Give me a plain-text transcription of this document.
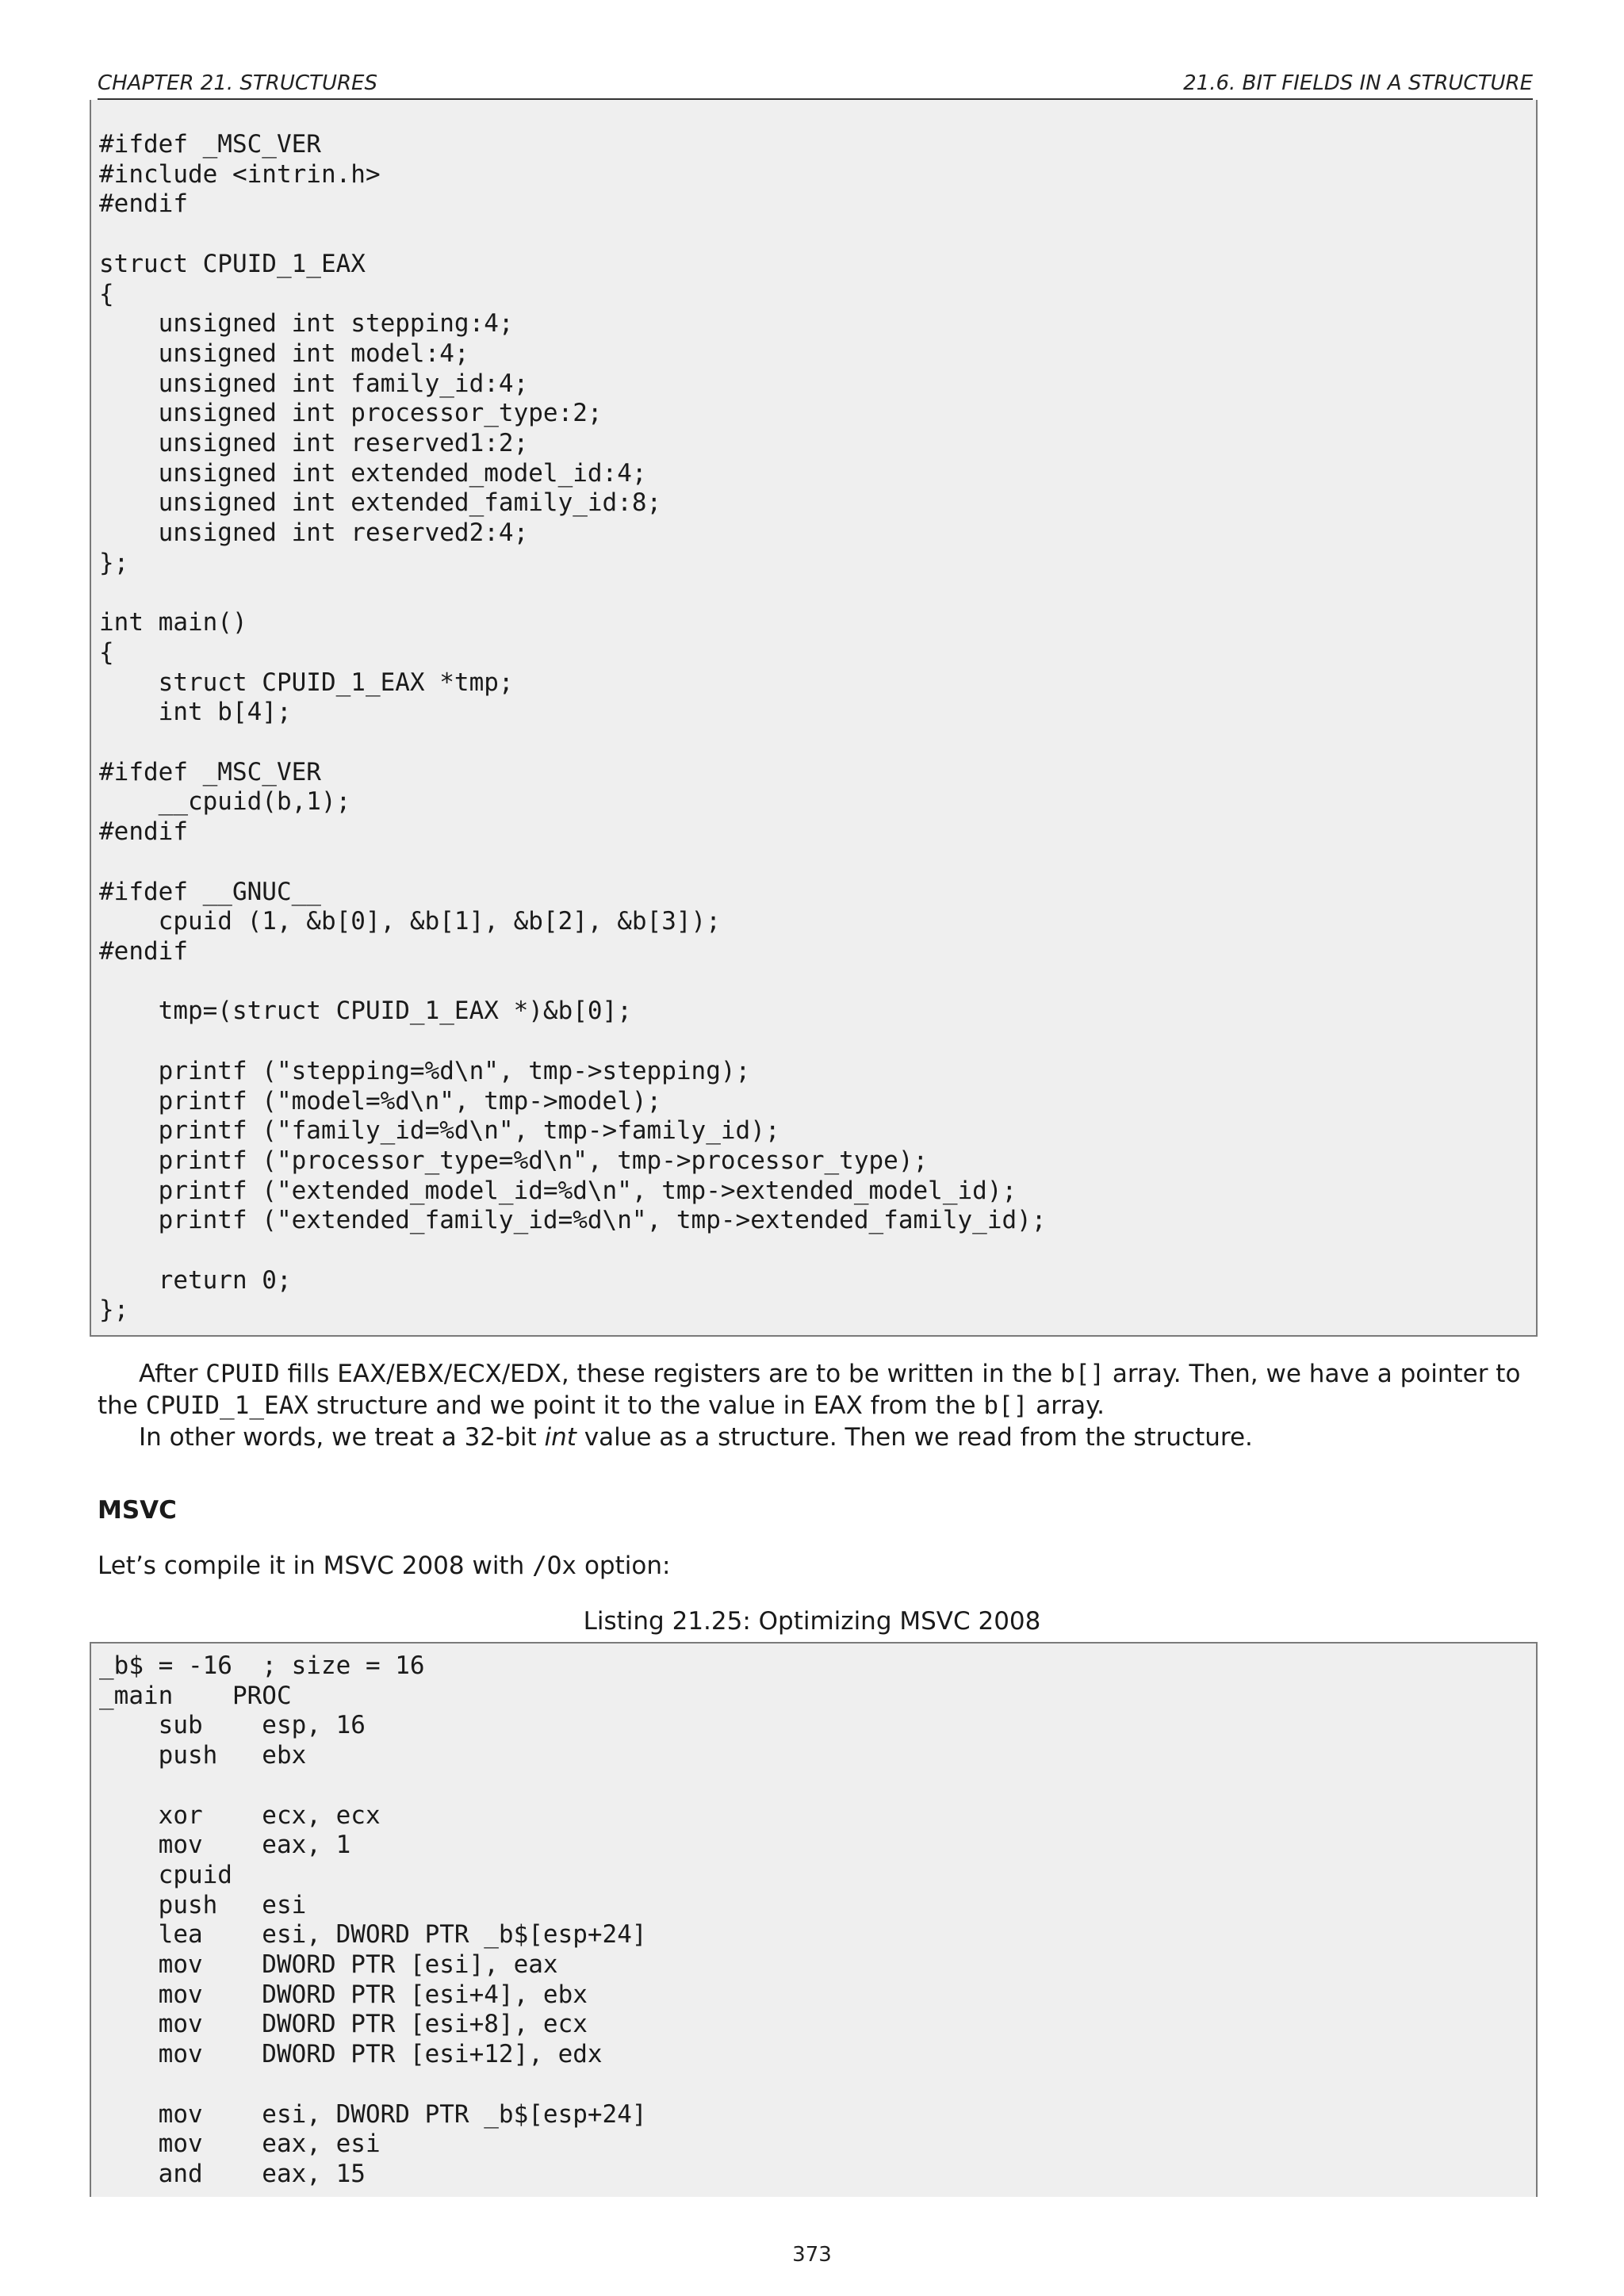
CHAPTER 21. STRUCTURES	21.6. BIT FIELDS IN A STRUCTURE
#ifdef _MSC_VER
#include <intrin.h>
#endif

struct CPUID_1_EAX
{
unsigned int stepping:4;
unsigned int model:4;
unsigned int family_id:4;
unsigned int processor_type:2;
unsigned int reserved1:2;
unsigned int extended_model_id:4;
unsigned int extended_family_id:8;
unsigned int reserved2:4;
};

int main()
{
struct CPUID_1_EAX *tmp;
int b[4];

#ifdef _MSC_VER
__cpuid(b,1);
#endif

#ifdef __GNUC__
cpuid (1, &b[0], &b[1], &b[2], &b[3]);
#endif

tmp=(struct CPUID_1_EAX *)&b[0];

printf ("stepping=%d\n", tmp->stepping);
printf ("model=%d\n", tmp->model);
printf ("family_id=%d\n", tmp->family_id);
printf ("processor_type=%d\n", tmp->processor_type);
printf ("extended_model_id=%d\n", tmp->extended_model_id);
printf ("extended_family_id=%d\n", tmp->extended_family_id);

return 0;
};
After CPUID fills EAX/EBX/ECX/EDX, these registers are to be written in the b[] array. Then, we have a pointer to the CPUID_1_EAX structure and we point it to the value in EAX from the b[] array.
In other words, we treat a 32-bit int value as a structure. Then we read from the structure.
MSVC
Let’s compile it in MSVC 2008 with /Ox option:
Listing 21.25: Optimizing MSVC 2008
_b$ = -16  ; size = 16
_main    PROC
sub    esp, 16
push   ebx

xor    ecx, ecx
mov    eax, 1
cpuid
push   esi
lea    esi, DWORD PTR _b$[esp+24]
mov    DWORD PTR [esi], eax
mov    DWORD PTR [esi+4], ebx
mov    DWORD PTR [esi+8], ecx
mov    DWORD PTR [esi+12], edx

mov    esi, DWORD PTR _b$[esp+24]
mov    eax, esi
and    eax, 15
373
